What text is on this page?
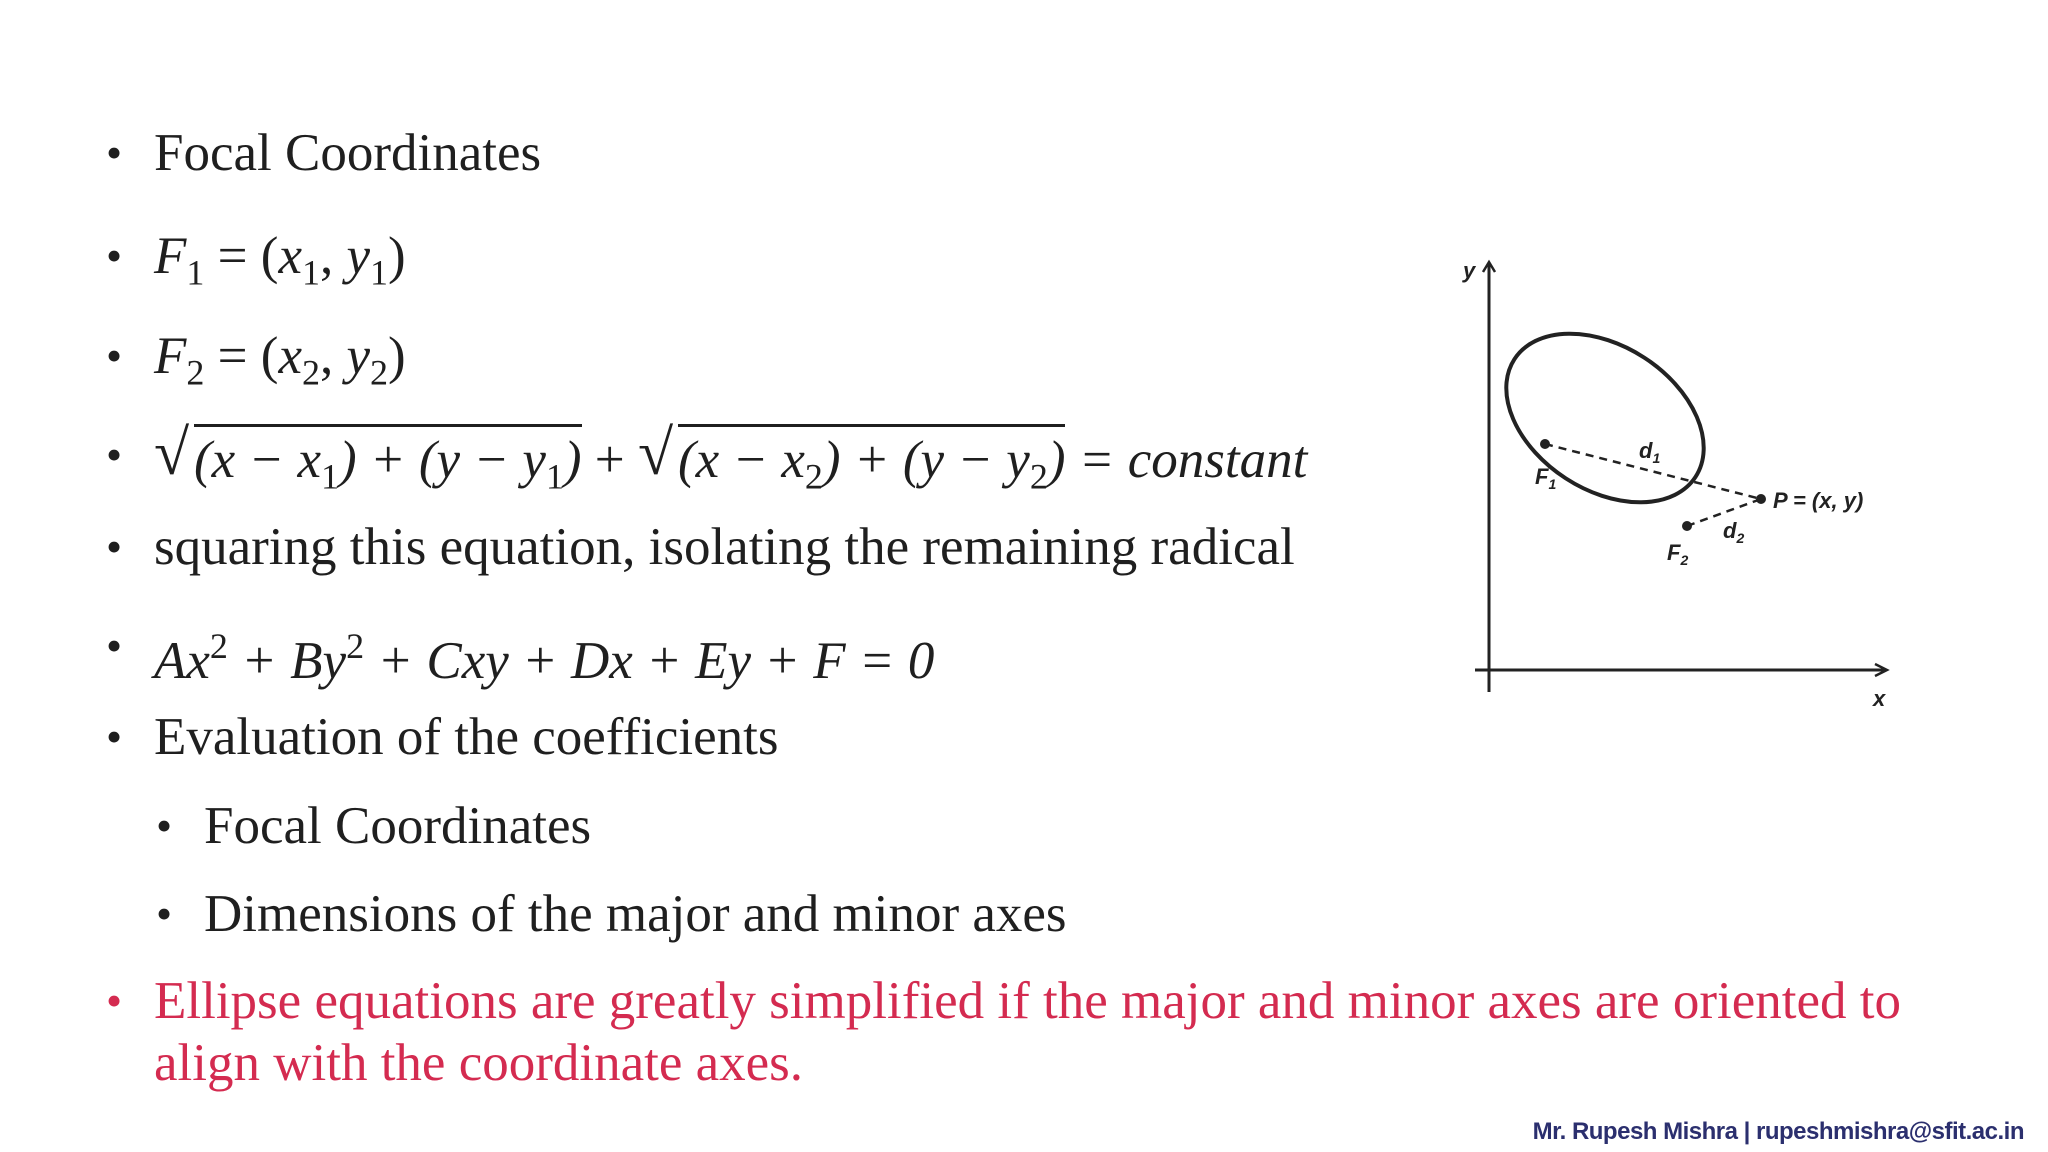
• Focal Coordinates
• $F_1 = (x_1$, $y_1$)
• $F_2 = (x_2$, $y_2$)
• √ $(x - x_1) + (y - y_1)$ + √ $(x - x_2) + (y - y_2)$ = constant
• squaring this equation, isolating the remaining radical
• $Ax^2 + By^2$ + Cxy + Dx + Ey + F = 0
• Evaluation of the coefficients
• Focal Coordinates
• Dimensions of the major and minor axes
• Ellipse equations are greatly simplified if the major and minor axes are oriented to align with the coordinate axes.
y
x
$F_1$
$F_2$
$d_1$
$d_2$
P = (x, y)
Mr. Rupesh Mishra | rupeshmishra@sfit.ac.in
